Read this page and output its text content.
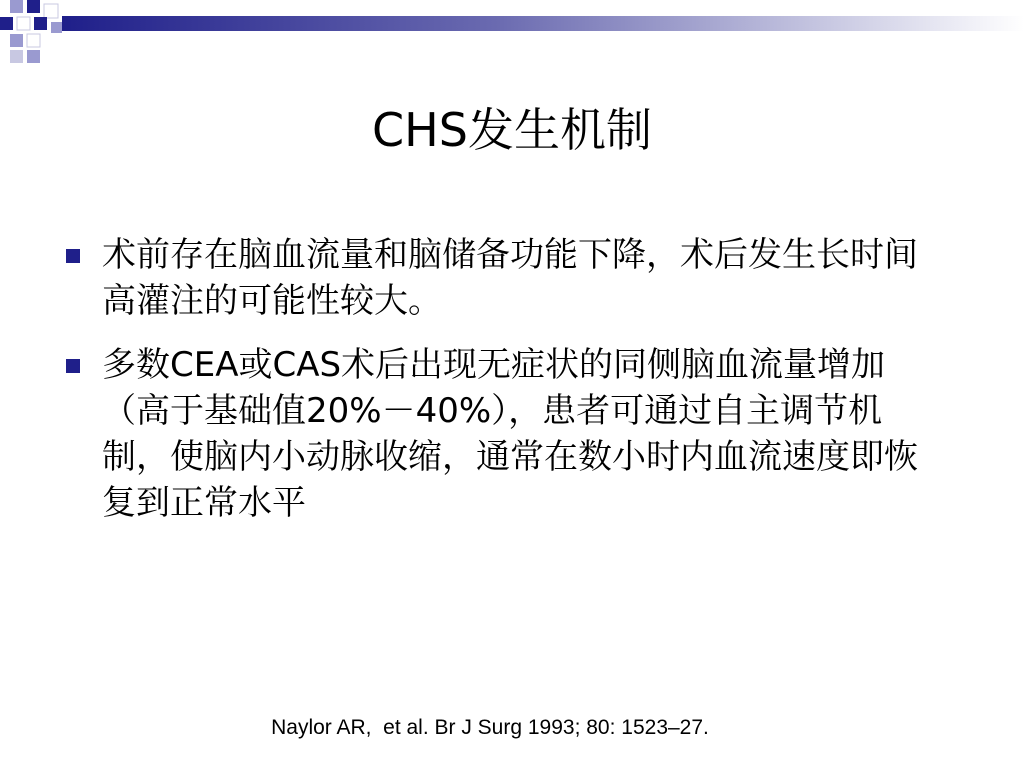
CHS发生机制
术前存在脑血流量和脑储备功能下降，术后发生长时间高灌注的可能性较大。
多数CEA或CAS术后出现无症状的同侧脑血流量增加（高于基础值20%－40%），患者可通过自主调节机制，使脑内小动脉收缩，通常在数小时内血流速度即恢复到正常水平
Naylor AR,  et al. Br J Surg 1993; 80: 1523–27.
